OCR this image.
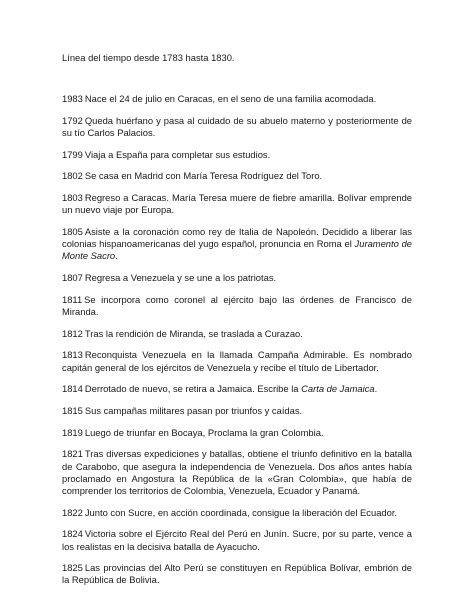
Línea del tiempo desde 1783 hasta 1830.

1983 Nace el 24 de julio en Caracas, en el seno de una familia acomodada.

1792 Queda huérfano y pasa al cuidado de su abuelo materno y posteriormente de su tío Carlos Palacios.

1799 Viaja a España para completar sus estudios.

1802 Se casa en Madrid con María Teresa Rodríguez del Toro.

1803 Regreso a Caracas. María Teresa muere de fiebre amarilla. Bolívar emprende un nuevo viaje por Europa.

1805 Asiste a la coronación como rey de Italia de Napoleón. Decidido a liberar las colonias hispanoamericanas del yugo español, pronuncia en Roma el Juramento de Monte Sacro.

1807 Regresa a Venezuela y se une a los patriotas.

1811 Se incorpora como coronel al ejército bajo las órdenes de Francisco de Miranda.

1812 Tras la rendición de Miranda, se traslada a Curazao.

1813 Reconquista Venezuela en la llamada Campaña Admirable. Es nombrado capitán general de los ejércitos de Venezuela y recibe el título de Libertador.

1814 Derrotado de nuevo, se retira a Jamaica. Escribe la Carta de Jamaica.

1815 Sus campañas militares pasan por triunfos y caídas.

1819 Luego de triunfar en Bocaya, Proclama la gran Colombia.

1821 Tras diversas expediciones y batallas, obtiene el triunfo definitivo en la batalla de Carabobo, que asegura la independencia de Venezuela. Dos años antes había proclamado en Angostura la República de la «Gran Colombia», que había de comprender los territorios de Colombia, Venezuela, Ecuador y Panamá.

1822 Junto con Sucre, en acción coordinada, consigue la liberación del Ecuador.

1824 Victoria sobre el Ejército Real del Perú en Junín. Sucre, por su parte, vence a los realistas en la decisiva batalla de Ayacucho.

1825 Las provincias del Alto Perú se constituyen en República Bolívar, embrión de la República de Bolivia.
